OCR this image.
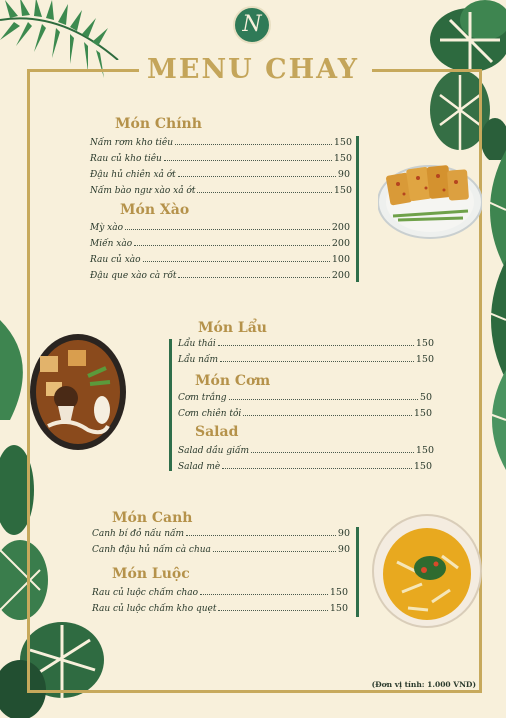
N
MENU CHAY
Món Chính
Nấm rơm kho tiêu	150
Rau củ kho tiêu	150
Đậu hủ chiên xả ớt	90
Nấm bào ngư xào xả ớt	150
Món Xào
Mỳ xào	200
Miến xào	200
Rau củ xào	100
Đậu que xào cà rốt	200
Món Lẩu
Lẩu thái	150
Lẩu nấm	150
Món Cơm
Cơm trắng	50
Cơm chiên tỏi	150
Salad
Salad dầu giấm	150
Salad mè	150
Món Canh
Canh bí đỏ nấu nấm	90
Canh đậu hủ nấm cà chua	90
Món Luộc
Rau củ luộc chấm chao	150
Rau củ luộc chấm kho quẹt	150
(Đơn vị tính: 1.000 VND)
